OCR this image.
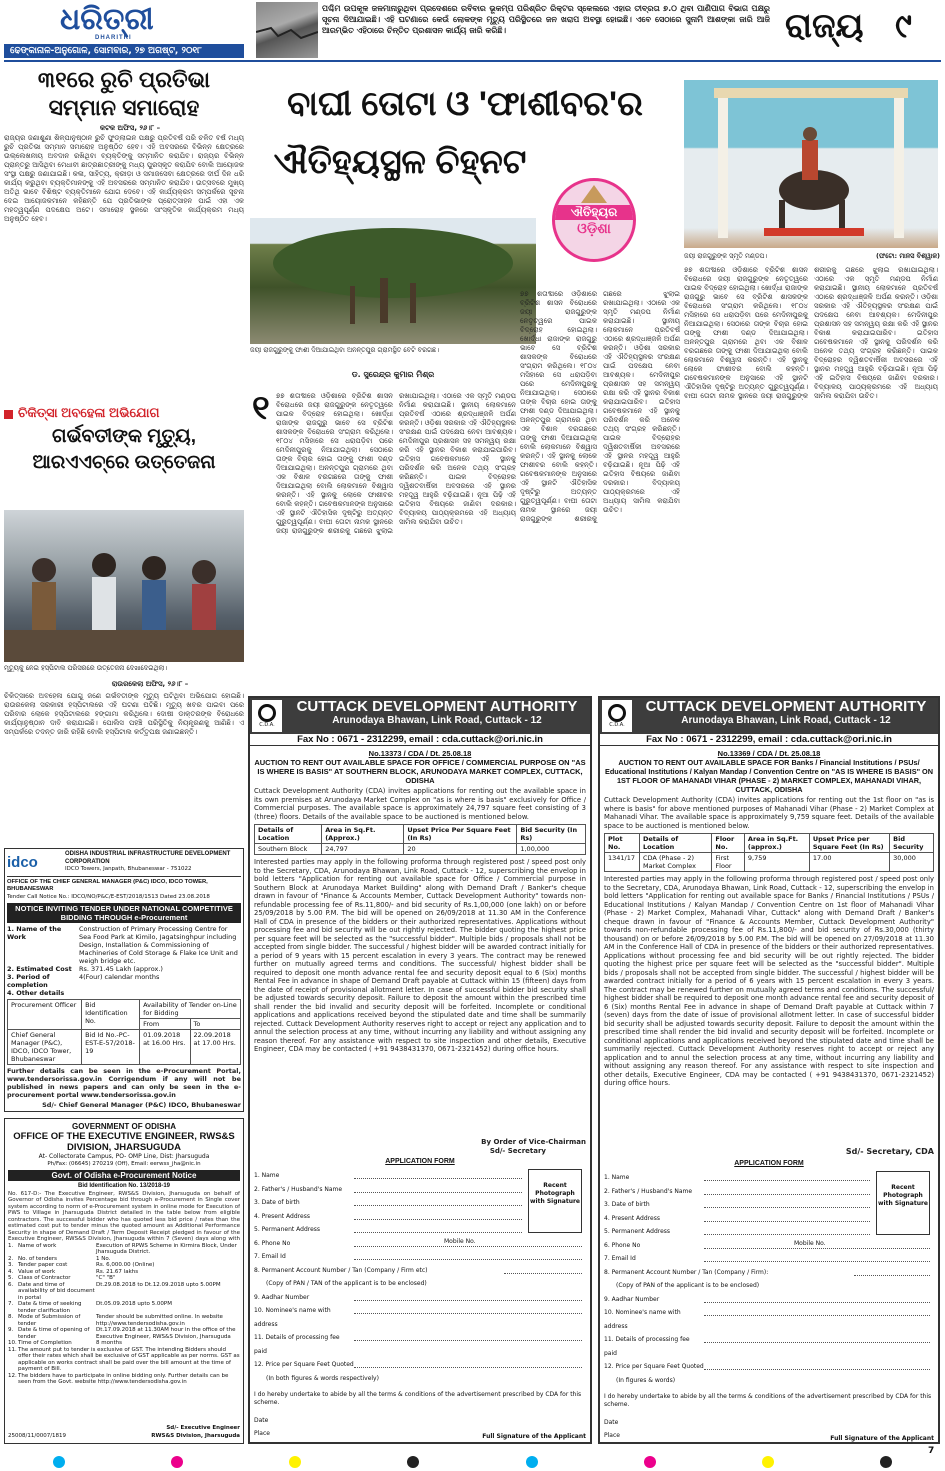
ଧରିତ୍ରୀ
DHARITRI
ଢେଙ୍କାନାଳ-ଅନୁଗୋଳ, ସୋମବାର, ୨୭ ଅଗଷ୍ଟ, ୨୦୧୮
ପଶ୍ଚିମ ଉପକୂଳ ଜଳମାନାରୁଥିବା ପ୍ରଦେଶରେ ରବିବାର ଭୂକମ୍ପ ପରିଶ୍ରିତ ରିକ୍ଟର ସ୍କେଲରେ ଏହାର ତୀବ୍ରତା ୭.୦ ଥିବା ପାଣିପାଗ ବିଭାଗ ପକ୍ଷରୁ ସୂଚନା ଦିଆଯାଇଛି। ଏହି ଘଟଣାରେ କେଉଁ ଲୋକଙ୍କ ମୃତ୍ୟୁ ପରିସ୍ଥିତରେ ଜନ ଖରାପ ଅବସ୍ଥା ହୋଇଛି। ଏବେ ସେଠାରେ ସୁନାମି ଆଶଙ୍କା ଜାରି ଆଜି ଆରମ୍ଭିତ ଏହିଠାରେ ଚିନ୍ତିତ ପ୍ରଶାସନ କାର୍ଯ୍ୟ ଜାରି କରିଛି।	ରାଜ୍ୟ ୯
୩୧ରେ ରୁଚି ପ୍ରତିଭା ସମ୍ମାନ ସମାରୋହ
କଟକ ଅଫିସ, ୨୬।୮ –
ରାଜ୍ୟର ଜଣାଶୁଣା ଶିଳ୍ପାନୁଷ୍ଠାନ ରୁଚି ଫୁଡ୍‌ଲାଇନ ପକ୍ଷରୁ ପ୍ରତିବର୍ଷ ପରି ଚଳିତ ବର୍ଷ ମଧ୍ୟ ରୁଚି ପ୍ରତିଭା ସମ୍ମାନ ସମାରୋହ ଅନୁଷ୍ଠିତ ହେବ। ଏହି ଅବସରରେ ବିଭିନ୍ନ କ୍ଷେତ୍ରରେ ଉଲ୍ଲେଖନୀୟ ଅବଦାନ ରଖିଥିବା ବ୍ୟକ୍ତିଙ୍କୁ ସମ୍ମାନିତ କରାଯିବ। ରାଜ୍ୟର ବିଭିନ୍ନ ପ୍ରାନ୍ତରୁ ଆସିଥିବା ମେଧାବୀ ଛାତ୍ରଛାତ୍ରୀଙ୍କୁ ମଧ୍ୟ ପୁରସ୍କୃତ କରାଯିବ ବୋଲି ଆୟୋଜକ ସଂସ୍ଥା ପକ୍ଷରୁ ଜଣାଯାଇଛି। କଳା, ସାହିତ୍ୟ, କ୍ରୀଡ଼ା ଓ ସମାଜସେବା କ୍ଷେତ୍ରରେ ଦୀର୍ଘ ଦିନ ଧରି କାର୍ଯ୍ୟ କରୁଥିବା ବ୍ୟକ୍ତିମାନଙ୍କୁ ଏହି ଅବସରରେ ସମ୍ମାନିତ କରାଯିବ। ଉତ୍ସବରେ ମୁଖ୍ୟ ଅତିଥି ଭାବେ ବିଶିଷ୍ଟ ବ୍ୟକ୍ତିମାନେ ଯୋଗ ଦେବେ। ଏହି କାର୍ଯ୍ୟକ୍ରମ ସମ୍ପର୍କରେ ସୂଚନା ଦେଇ ଆୟୋଜକମାନେ କହିଛନ୍ତି ଯେ ପ୍ରତିଭାଙ୍କ ପ୍ରୋତ୍ସାହନ ପାଇଁ ଏହା ଏକ ମହତ୍ୱପୂର୍ଣ୍ଣ ପଦକ୍ଷେପ ଅଟେ। ସମାରୋହ ସ୍ଥଳରେ ସାଂସ୍କୃତିକ କାର୍ଯ୍ୟକ୍ରମ ମଧ୍ୟ ଅନୁଷ୍ଠିତ ହେବ।
ଚିକିତ୍ସା ଅବହେଳା ଅଭିଯୋଗ
ଗର୍ଭବତୀଙ୍କ ମୃତ୍ୟୁ, ଆରଏଏଚ୍‌ରେ ଉତ୍ତେଜନା
ମୃତ୍ୟୁକୁ ନେଇ ହସ୍ପିଟାଲ ପରିସରରେ ଉତ୍ତେଜନା ଦେଖାଦେଇଥିଲା।
ରାଉରକେଲା ଅଫିସ, ୨୬।୮ –
ଚିକିତ୍ସାରେ ଅବହେଳା ଯୋଗୁ ଜଣେ ଗର୍ଭବତୀଙ୍କ ମୃତ୍ୟୁ ଘଟିଥିବା ଅଭିଯୋଗ ହୋଇଛି। ରାଉରକେଲା ସରକାରୀ ହସ୍ପିଟାଲରେ ଏହି ଘଟଣା ଘଟିଛି। ମୃତ୍ୟୁ ଖବର ପାଇବା ପରେ ପରିବାର ଲୋକେ ହସ୍ପିଟାଲରେ ହଙ୍ଗାମା କରିଥିଲେ। ଦୋଷୀ ଡାକ୍ତରଙ୍କ ବିରୋଧରେ କାର୍ଯ୍ୟାନୁଷ୍ଠାନ ଦାବି କରାଯାଇଛି। ପୋଲିସ ପହଞ୍ଚି ପରିସ୍ଥିତିକୁ ନିୟନ୍ତ୍ରଣକୁ ଆଣିଛି। ଏ ସମ୍ପର୍କରେ ତଦନ୍ତ ଜାରି ରହିଛି ବୋଲି ହସ୍ପିଟାଲ କର୍ତ୍ତୃପକ୍ଷ ଜଣାଇଛନ୍ତି।
ବାଘୀ ତୋଟା ଓ 'ଫାଶୀବର'ର
ଐତିହ୍ୟସ୍ଥଳ ଚିହ୍ନଟ
ଐତିହ୍ୟର
ଓଡ଼ିଶା
ଜୟୀ ରାଜଗୁରୁଙ୍କୁ ଫାଶୀ ଦିଆଯାଇଥିବା ଅନନ୍ତପୁର ଗ୍ରାମସ୍ଥିତ ବେଟି ବରଗଛ।
ଜୟୀ ରାଜଗୁରୁଙ୍କ ସ୍ମୃତି ମଣ୍ଡପ।	(ଫଟୋ: ମାନସ ବିଶ୍ୱାଳ)
ଡ. ସୁରେନ୍ଦ୍ର କୁମାର ମିଶ୍ର
୧ ୭୭ ଶତାବ୍ଦୀରେ ଓଡ଼ିଶାରେ ବ୍ରିଟିଶ ଶାସନ ବିରୋଧରେ ଜୟୀ ରାଜଗୁରୁଙ୍କ ନେତୃତ୍ୱରେ ପାଇକ ବିଦ୍ରୋହ ହୋଇଥିଲା। ଖୋର୍ଦ୍ଧା ରାଜାଙ୍କ ରାଜଗୁରୁ ଭାବେ ସେ ବ୍ରିଟିଶ ଶାସକଙ୍କ ବିରୋଧରେ ସଂଗ୍ରାମ କରିଥିଲେ। ୧୮୦୪ ମସିହାରେ ସେ ଧରାପଡ଼ିବା ପରେ ମେଦିନୀପୁରକୁ ନିଆଯାଇଥିଲା। ସେଠାରେ ତାଙ୍କ ବିଚାର ହୋଇ ତାଙ୍କୁ ଫାଶୀ ଦଣ୍ଡ ଦିଆଯାଇଥିଲା। ଅନନ୍ତପୁର ଗ୍ରାମରେ ଥିବା ଏକ ବିଶାଳ ବରଗଛରେ ତାଙ୍କୁ ଫାଶୀ ଦିଆଯାଇଥିଲା ବୋଲି ଲୋକମାନେ ବିଶ୍ୱାସ କରନ୍ତି। ଏହି ସ୍ଥାନକୁ ଲୋକେ ଫାଶୀବର ବୋଲି କହନ୍ତି। ଗବେଷକମାନଙ୍କ ଅନୁସାରେ ଏହି ସ୍ଥାନଟି ଐତିହାସିକ ଦୃଷ୍ଟିରୁ ଅତ୍ୟନ୍ତ ଗୁରୁତ୍ୱପୂର୍ଣ୍ଣ। ବାଘୀ ତୋଟା ନାମକ ସ୍ଥାନରେ ଜୟୀ ରାଜଗୁରୁଙ୍କ ଶରୀରକୁ ଗଛରେ ଝୁଲାଇ ରଖାଯାଇଥିଲା। ଏଠାରେ ଏକ ସ୍ମୃତି ମଣ୍ଡପ ନିର୍ମାଣ କରାଯାଇଛି। ସ୍ଥାନୀୟ ଲୋକମାନେ ପ୍ରତିବର୍ଷ ଏଠାରେ ଶ୍ରଦ୍ଧାଞ୍ଜଳି ଅର୍ପଣ କରନ୍ତି। ଓଡ଼ିଶା ସରକାର ଏହି ଐତିହ୍ୟସ୍ଥଳର ସଂରକ୍ଷଣ ପାଇଁ ପଦକ୍ଷେପ ନେବା ଆବଶ୍ୟକ। ମେଦିନୀପୁର ପ୍ରଶାସନ ସହ ସମନ୍ୱୟ ରକ୍ଷା କରି ଏହି ସ୍ଥାନର ବିକାଶ କରାଯାଇପାରିବ। ଇତିହାସ ଗବେଷକମାନେ ଏହି ସ୍ଥାନକୁ ପରିଦର୍ଶନ କରି ଅନେକ ତଥ୍ୟ ସଂଗ୍ରହ କରିଛନ୍ତି। ପାଇକ ବିଦ୍ରୋହର ଦ୍ୱିଶତବାର୍ଷିକୀ ଅବସରରେ ଏହି ସ୍ଥାନର ମହତ୍ତ୍ୱ ଆହୁରି ବଢ଼ିଯାଇଛି। ନୂଆ ପିଢ଼ି ଏହି ଇତିହାସ ବିଷୟରେ ଜାଣିବା ଦରକାର। ବିଦ୍ୟାଳୟ ପାଠ୍ୟକ୍ରମରେ ଏହି ଅଧ୍ୟାୟ ସାମିଲ କରାଯିବା ଉଚିତ।
୭୭ ଶତାବ୍ଦୀରେ ଓଡ଼ିଶାରେ ବ୍ରିଟିଶ ଶାସନ ବିରୋଧରେ ଜୟୀ ରାଜଗୁରୁଙ୍କ ନେତୃତ୍ୱରେ ପାଇକ ବିଦ୍ରୋହ ହୋଇଥିଲା। ଖୋର୍ଦ୍ଧା ରାଜାଙ୍କ ରାଜଗୁରୁ ଭାବେ ସେ ବ୍ରିଟିଶ ଶାସକଙ୍କ ବିରୋଧରେ ସଂଗ୍ରାମ କରିଥିଲେ। ୧୮୦୪ ମସିହାରେ ସେ ଧରାପଡ଼ିବା ପରେ ମେଦିନୀପୁରକୁ ନିଆଯାଇଥିଲା। ସେଠାରେ ତାଙ୍କ ବିଚାର ହୋଇ ତାଙ୍କୁ ଫାଶୀ ଦଣ୍ଡ ଦିଆଯାଇଥିଲା। ଅନନ୍ତପୁର ଗ୍ରାମରେ ଥିବା ଏକ ବିଶାଳ ବରଗଛରେ ତାଙ୍କୁ ଫାଶୀ ଦିଆଯାଇଥିଲା ବୋଲି ଲୋକମାନେ ବିଶ୍ୱାସ କରନ୍ତି। ଏହି ସ୍ଥାନକୁ ଲୋକେ ଫାଶୀବର ବୋଲି କହନ୍ତି। ଗବେଷକମାନଙ୍କ ଅନୁସାରେ ଏହି ସ୍ଥାନଟି ଐତିହାସିକ ଦୃଷ୍ଟିରୁ ଅତ୍ୟନ୍ତ ଗୁରୁତ୍ୱପୂର୍ଣ୍ଣ। ବାଘୀ ତୋଟା ନାମକ ସ୍ଥାନରେ ଜୟୀ ରାଜଗୁରୁଙ୍କ ଶରୀରକୁ ଗଛରେ ଝୁଲାଇ ରଖାଯାଇଥିଲା। ଏଠାରେ ଏକ ସ୍ମୃତି ମଣ୍ଡପ ନିର୍ମାଣ କରାଯାଇଛି। ସ୍ଥାନୀୟ ଲୋକମାନେ ପ୍ରତିବର୍ଷ ଏଠାରେ ଶ୍ରଦ୍ଧାଞ୍ଜଳି ଅର୍ପଣ କରନ୍ତି। ଓଡ଼ିଶା ସରକାର ଏହି ଐତିହ୍ୟସ୍ଥଳର ସଂରକ୍ଷଣ ପାଇଁ ପଦକ୍ଷେପ ନେବା ଆବଶ୍ୟକ। ମେଦିନୀପୁର ପ୍ରଶାସନ ସହ ସମନ୍ୱୟ ରକ୍ଷା କରି ଏହି ସ୍ଥାନର ବିକାଶ କରାଯାଇପାରିବ। ଇତିହାସ ଗବେଷକମାନେ ଏହି ସ୍ଥାନକୁ ପରିଦର୍ଶନ କରି ଅନେକ ତଥ୍ୟ ସଂଗ୍ରହ କରିଛନ୍ତି। ପାଇକ ବିଦ୍ରୋହର ଦ୍ୱିଶତବାର୍ଷିକୀ ଅବସରରେ ଏହି ସ୍ଥାନର ମହତ୍ତ୍ୱ ଆହୁରି ବଢ଼ିଯାଇଛି। ନୂଆ ପିଢ଼ି ଏହି ଇତିହାସ ବିଷୟରେ ଜାଣିବା ଦରକାର। ବିଦ୍ୟାଳୟ ପାଠ୍ୟକ୍ରମରେ ଏହି ଅଧ୍ୟାୟ ସାମିଲ କରାଯିବା ଉଚିତ।
୭୭ ଶତାବ୍ଦୀରେ ଓଡ଼ିଶାରେ ବ୍ରିଟିଶ ଶାସନ ବିରୋଧରେ ଜୟୀ ରାଜଗୁରୁଙ୍କ ନେତୃତ୍ୱରେ ପାଇକ ବିଦ୍ରୋହ ହୋଇଥିଲା। ଖୋର୍ଦ୍ଧା ରାଜାଙ୍କ ରାଜଗୁରୁ ଭାବେ ସେ ବ୍ରିଟିଶ ଶାସକଙ୍କ ବିରୋଧରେ ସଂଗ୍ରାମ କରିଥିଲେ। ୧୮୦୪ ମସିହାରେ ସେ ଧରାପଡ଼ିବା ପରେ ମେଦିନୀପୁରକୁ ନିଆଯାଇଥିଲା। ସେଠାରେ ତାଙ୍କ ବିଚାର ହୋଇ ତାଙ୍କୁ ଫାଶୀ ଦଣ୍ଡ ଦିଆଯାଇଥିଲା। ଅନନ୍ତପୁର ଗ୍ରାମରେ ଥିବା ଏକ ବିଶାଳ ବରଗଛରେ ତାଙ୍କୁ ଫାଶୀ ଦିଆଯାଇଥିଲା ବୋଲି ଲୋକମାନେ ବିଶ୍ୱାସ କରନ୍ତି। ଏହି ସ୍ଥାନକୁ ଲୋକେ ଫାଶୀବର ବୋଲି କହନ୍ତି। ଗବେଷକମାନଙ୍କ ଅନୁସାରେ ଏହି ସ୍ଥାନଟି ଐତିହାସିକ ଦୃଷ୍ଟିରୁ ଅତ୍ୟନ୍ତ ଗୁରୁତ୍ୱପୂର୍ଣ୍ଣ। ବାଘୀ ତୋଟା ନାମକ ସ୍ଥାନରେ ଜୟୀ ରାଜଗୁରୁଙ୍କ ଶରୀରକୁ ଗଛରେ ଝୁଲାଇ ରଖାଯାଇଥିଲା। ଏଠାରେ ଏକ ସ୍ମୃତି ମଣ୍ଡପ ନିର୍ମାଣ କରାଯାଇଛି। ସ୍ଥାନୀୟ ଲୋକମାନେ ପ୍ରତିବର୍ଷ ଏଠାରେ ଶ୍ରଦ୍ଧାଞ୍ଜଳି ଅର୍ପଣ କରନ୍ତି। ଓଡ଼ିଶା ସରକାର ଏହି ଐତିହ୍ୟସ୍ଥଳର ସଂରକ୍ଷଣ ପାଇଁ ପଦକ୍ଷେପ ନେବା ଆବଶ୍ୟକ। ମେଦିନୀପୁର ପ୍ରଶାସନ ସହ ସମନ୍ୱୟ ରକ୍ଷା କରି ଏହି ସ୍ଥାନର ବିକାଶ କରାଯାଇପାରିବ। ଇତିହାସ ଗବେଷକମାନେ ଏହି ସ୍ଥାନକୁ ପରିଦର୍ଶନ କରି ଅନେକ ତଥ୍ୟ ସଂଗ୍ରହ କରିଛନ୍ତି। ପାଇକ ବିଦ୍ରୋହର ଦ୍ୱିଶତବାର୍ଷିକୀ ଅବସରରେ ଏହି ସ୍ଥାନର ମହତ୍ତ୍ୱ ଆହୁରି ବଢ଼ିଯାଇଛି। ନୂଆ ପିଢ଼ି ଏହି ଇତିହାସ ବିଷୟରେ ଜାଣିବା ଦରକାର। ବିଦ୍ୟାଳୟ ପାଠ୍ୟକ୍ରମରେ ଏହି ଅଧ୍ୟାୟ ସାମିଲ କରାଯିବା ଉଚିତ।
idco	ODISHA INDUSTRIAL INFRASTRUCTURE DEVELOPMENT CORPORATION
IDCO Towers, Janpath, Bhubaneswar - 751022
OFFICE OF THE CHIEF GENERAL MANAGER (P&C) IDCO, IDCO TOWER, BHUBANESWAR
Tender Call Notice No.: IDCO/NO/P&C/E-EST/2018/1513 Dated 23.08.2018
NOTICE INVITING TENDER UNDER NATIONAL COMPETITIVE BIDDING THROUGH e-Procurement
1. Name of the Work
Construction of Primary Processing Centre for Sea Food Park at Kimilo, Jagatsinghpur including Design, Installation & Commissioning of Machineries of Cold Storage & Flake Ice Unit and weigh bridge etc.
2. Estimated Cost	Rs. 371.45 Lakh (approx.)
3. Period of completion
4(Four) calendar months
4. Other details
Procurement Officer	Bid Identification No.	Availability of Tender on-Line for Bidding	
		From	To
Chief General Manager (P&C), IDCO, IDCO Tower, Bhubaneswar	Bid Id No.-PC-EST-E-57/2018-19	01.09.2018 at 16.00 Hrs.	22.09.2018 at 17.00 Hrs.
Further details can be seen in the e-Procurement Portal, www.tendersorissa.gov.in Corrigendum if any will not be published in news papers and can only be seen in the e-procurement portal www.tendersorissa.gov.in
Sd/- Chief General Manager (P&C) IDCO, Bhubaneswar
GOVERNMENT OF ODISHA
OFFICE OF THE EXECUTIVE ENGINEER, RWS&S DIVISION, JHARSUGUDA
At- Collectorate Campus, PO- OMP Line, Dist: Jharsuguda
Ph/Fax: (06645) 270219 (Off), Email: eerwss_jha@nic.in
Govt. of Odisha e-Procurement Notice
Bid Identification No. 13/2018-19
No. 617-D:- The Executive Engineer, RWS&S Division, Jharsuguda on behalf of Governor of Odisha invites Percentage bid through e-Procurement in Single cover system according to norm of e-Procurement system in online mode for Execution of PWS to Village in Jharsuguda District detailed in the table below from eligible contractors. The successful bidder who has quoted less bid price / rates than the estimated cost put to tender minus the quoted amount as Additional Performance Security in shape of Demand Draft / Term Deposit Receipt pledged in favour of the Executive Engineer, RWS&S Division, Jharsuguda within 7 (Seven) days along with
1. Name of work	Execution of RPWS Scheme in Kirmira Block, Under Jharsuguda District.
2. No. of tenders	1 No.
3. Tender paper cost	Rs. 6,000.00 (Online)
4. Value of work	Rs. 21.67 lakhs
5. Class of Contractor	"C" "B"
6. Date and time of availability of bid document in portal
Dt.29.08.2018 to Dt.12.09.2018 upto 5.00PM
7. Date & time of seeking tender clarification
Dt.05.09.2018 upto 5.00PM
8. Mode of Submission of tender
Tender should be submitted online. In website http://www.tendersodisha.gov.in
9. Date & time of opening of tender
Dt.17.09.2018 at 11.30AM hour in the office of the Executive Engineer, RWS&S Division, Jharsuguda
10. Time of Completion	8 months
11. The amount put to tender is exclusive of GST. The intending Bidders should offer their rates which shall be exclusive of GST applicable as per norms. GST as applicable on works contract shall be paid over the bill amount at the time of payment of Bill.
12. The bidders have to participate in online bidding only. Further details can be seen from the Govt. website http://www.tendersodisha.gov.in
25008/11/0007/1819
Sd/- Executive Engineer RWS&S Division, Jharsuguda
C.D.A.
CUTTACK DEVELOPMENT AUTHORITY
Arunodaya Bhawan, Link Road, Cuttack - 12
Fax No : 0671 - 2312299, email : cda.cuttack@ori.nic.in
No.13373 / CDA / Dt. 25.08.18
AUCTION TO RENT OUT AVAILABLE SPACE FOR OFFICE / COMMERCIAL PURPOSE ON "AS IS WHERE IS BASIS" AT SOUTHERN BLOCK, ARUNODAYA MARKET COMPLEX, CUTTACK, ODISHA
Cuttack Development Authority (CDA) invites applications for renting out the available space in its own premises at Arunodaya Market Complex on "as is where is basis" exclusively for Office / Commercial purposes. The available space is approximately 24,797 square feet consisting of 3 (three) floors. Details of the available space to be auctioned is mentioned below.
Details of Location	Area in Sq.Ft. (Approx.)	Upset Price Per Square Feet (In Rs)	Bid Security (In Rs)
Southern Block	24,797	20	1,00,000
Interested parties may apply in the following proforma through registered post / speed post only to the Secretary, CDA, Arunodaya Bhawan, Link Road, Cuttack - 12, superscribing the envelop in bold letters "Application for renting out available space for Office / Commercial purpose in Southern Block at Arunodaya Market Building" along with Demand Draft / Banker's cheque drawn in favour of "Finance & Accounts Member, Cuttack Development Authority" towards non-refundable processing fee of Rs.11,800/- and bid security of Rs.1,00,000 (one lakh) on or before 25/09/2018 by 5.00 P.M. The bid will be opened on 26/09/2018 at 11.30 AM in the Conference Hall of CDA in presence of the bidders or their authorized representatives. Applications without processing fee and bid security will be out rightly rejected. The bidder quoting the highest price per square feet will be selected as the "successful bidder". Multiple bids / proposals shall not be accepted from single bidder. The successful / highest bidder will be awarded contract initially for a period of 9 years with 15 percent escalation in every 3 years. The contract may be renewed further on mutually agreed terms and conditions. The successful/ highest bidder shall be required to deposit one month advance rental fee and security deposit equal to 6 (Six) months Rental Fee in advance in shape of Demand Draft payable at Cuttack within 15 (fifteen) days from the date of receipt of provisional allotment letter. In case of successful bidder bid security shall be adjusted towards security deposit. Failure to deposit the amount within the prescribed time shall render the bid invalid and security deposit will be forfeited. Incomplete or conditional applications and applications received beyond the stipulated date and time shall be summarily rejected. Cuttack Development Authority reserves right to accept or reject any application and to annul the selection process at any time, without incurring any liability and without assigning any reason thereof. For any assistance with respect to site inspection and other details, Executive Engineer, CDA may be contacted ( +91 9438431370, 0671-2321452) during office hours.
By Order of Vice-Chairman
Sd/- Secretary
APPLICATION FORM
Recent Photograph with Signature
1. Name
2. Father's / Husband's Name
3. Date of birth
4. Present Address
5. Permanent Address
6. Phone No	Mobile No.
7. Email Id
8. Permanent Account Number / Tan (Company / Firm etc)
(Copy of PAN / TAN of the applicant is to be enclosed)
9. Aadhar Number
10. Nominee's name with address
11. Details of processing fee paid
12. Price per Square Feet Quoted
(In both figures & words respectively)
I do hereby undertake to abide by all the terms & conditions of the advertisement prescribed by CDA for this scheme.
Date
Place	Full Signature of the Applicant
C.D.A.
CUTTACK DEVELOPMENT AUTHORITY
Arunodaya Bhawan, Link Road, Cuttack - 12
Fax No : 0671 - 2312299, email : cda.cuttack@ori.nic.in
No.13369 / CDA / Dt. 25.08.18
AUCTION TO RENT OUT AVAILABLE SPACE FOR Banks / Financial Institutions / PSUs/ Educational Institutions / Kalyan Mandap / Convention Centre on "AS IS WHERE IS BASIS" ON 1ST FLOOR OF MAHANADI VIHAR (PHASE - 2) MARKET COMPLEX, MAHANADI VIHAR, CUTTACK, ODISHA
Cuttack Development Authority (CDA) invites applications for renting out the 1st floor on "as is where is basis" for above mentioned purposes of Mahanadi Vihar (Phase - 2) Market Complex at Mahanadi Vihar. The available space is approximately 9,759 square feet. Details of the available space to be auctioned is mentioned below.
Plot No.	Details of Location	Floor No.	Area in Sq.Ft. (approx.)	Upset Price per Square Feet (In Rs)	Bid Security
1341/17	CDA (Phase - 2) Market Complex	First Floor	9,759	17.00	30,000
Interested parties may apply in the following proforma through registered post / speed post only to the Secretary, CDA, Arunodaya Bhawan, Link Road, Cuttack - 12, superscribing the envelop in bold letters "Application for renting out available space for Banks / Financial Institutions / PSUs / Educational Institutions / Kalyan Mandap / Convention Centre on 1st floor of Mahanadi Vihar (Phase - 2) Market Complex, Mahanadi Vihar, Cuttack" along with Demand Draft / Banker's cheque drawn in favour of "Finance & Accounts Member, Cuttack Development Authority" towards non-refundable processing fee of Rs.11,800/- and bid security of Rs.30,000 (thirty thousand) on or before 26/09/2018 by 5.00 P.M. The bid will be opened on 27/09/2018 at 11.30 AM in the Conference Hall of CDA in presence of the bidders or their authorized representatives. Applications without processing fee and bid security will be out rightly rejected. The bidder quoting the highest price per square feet will be selected as the "successful bidder". Multiple bids / proposals shall not be accepted from single bidder. The successful / highest bidder will be awarded contract initially for a period of 6 years with 15 percent escalation in every 3 years. The contract may be renewed further on mutually agreed terms and conditions. The successful/ highest bidder shall be required to deposit one month advance rental fee and security deposit of 6 (Six) months Rental Fee in advance in shape of Demand Draft payable at Cuttack within 7 (seven) days from the date of issue of provisional allotment letter. In case of successful bidder bid security shall be adjusted towards security deposit. Failure to deposit the amount within the prescribed time shall render the bid invalid and security deposit will be forfeited. Incomplete or conditional applications and applications received beyond the stipulated date and time shall be summarily rejected. Cuttack Development Authority reserves right to accept or reject any application and to annul the selection process at any time, without incurring any liability and without assigning any reason thereof. For any assistance with respect to site inspection and other details, Executive Engineer, CDA may be contacted ( +91 9438431370, 0671-2321452) during office hours.
Sd/- Secretary, CDA
APPLICATION FORM
Recent Photograph with Signature
1. Name
2. Father's / Husband's Name
3. Date of birth
4. Present Address
5. Permanent Address
6. Phone No	Mobile No.
7. Email Id
8. Permanent Account Number / Tan (Company / Firm):
(Copy of PAN of the applicant is to be enclosed)
9. Aadhar Number
10. Nominee's name with address
11. Details of processing fee paid
12. Price per Square Feet Quoted
(In figures & words)
I do hereby undertake to abide by all the terms & conditions of the advertisement prescribed by CDA for this scheme.
Date
Place	Full Signature of the Applicant
7
